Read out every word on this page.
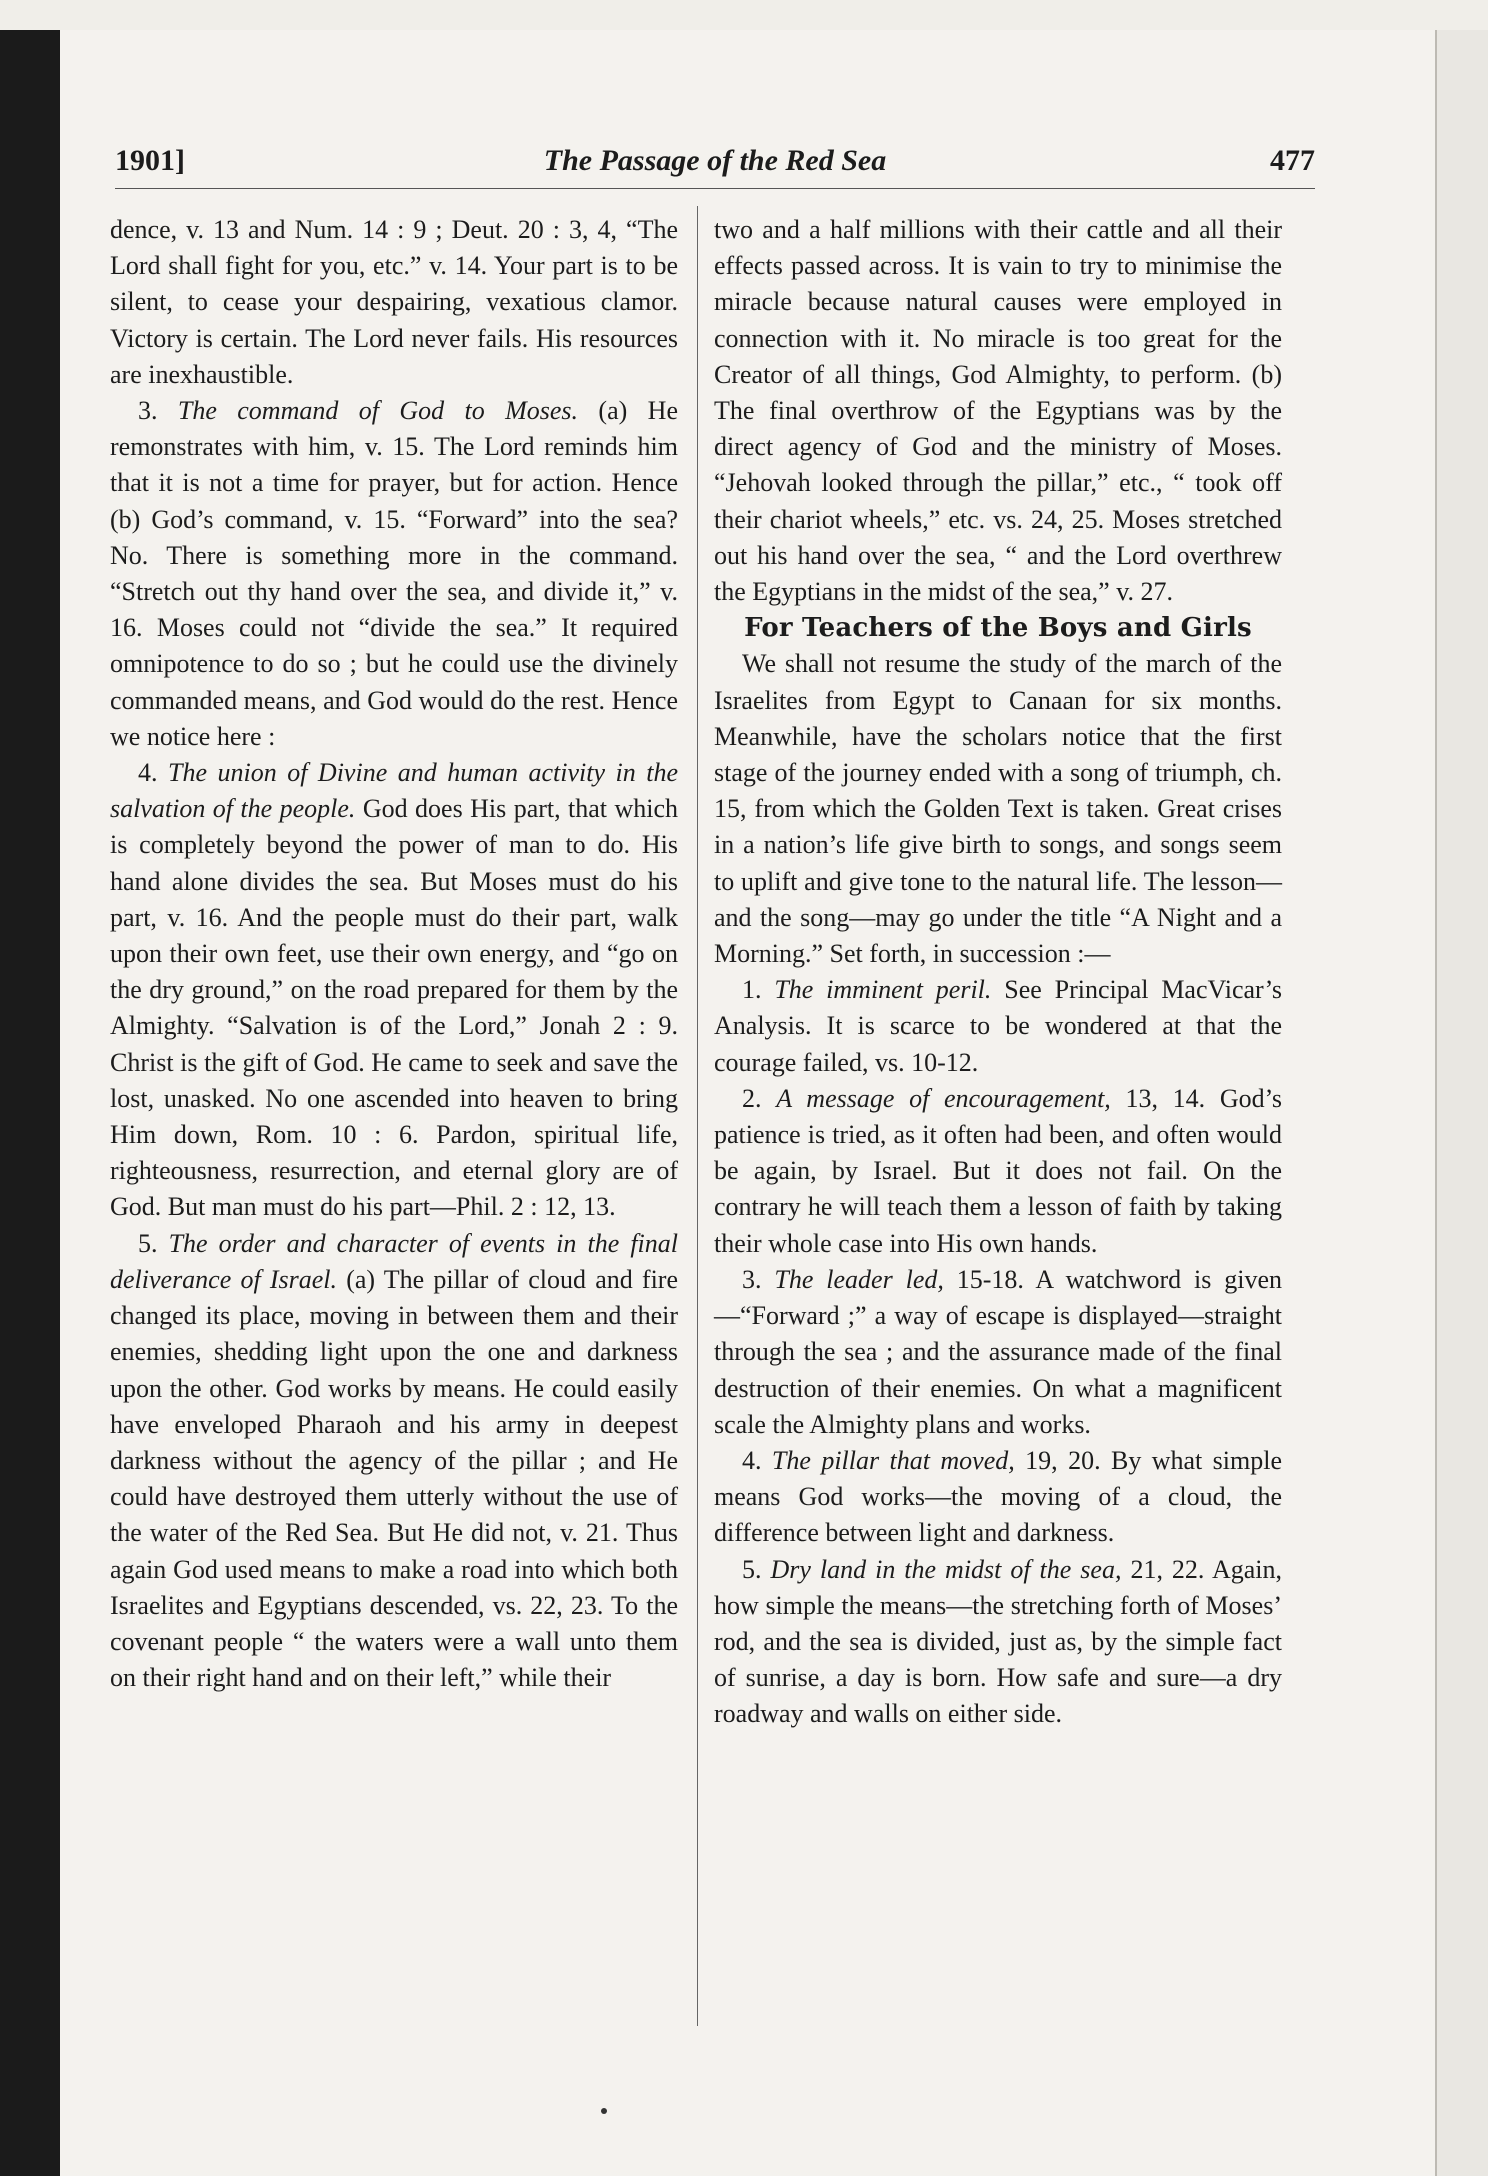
1901]	The Passage of the Red Sea	477

dence, v. 13 and Num. 14 : 9 ; Deut. 20 : 3, 4, “The Lord shall fight for you, etc.” v. 14. Your part is to be silent, to cease your despairing, vexatious clamor. Victory is certain. The Lord never fails. His resources are inexhaustible.

3. The command of God to Moses. (a) He remonstrates with him, v. 15. The Lord reminds him that it is not a time for prayer, but for action. Hence (b) God’s command, v. 15. “Forward” into the sea? No. There is something more in the command. “Stretch out thy hand over the sea, and divide it,” v. 16. Moses could not “divide the sea.” It required omnipotence to do so ; but he could use the divinely commanded means, and God would do the rest. Hence we notice here :

4. The union of Divine and human activity in the salvation of the people. God does His part, that which is completely beyond the power of man to do. His hand alone divides the sea. But Moses must do his part, v. 16. And the people must do their part, walk upon their own feet, use their own energy, and “go on the dry ground,” on the road prepared for them by the Almighty. “Salvation is of the Lord,” Jonah 2 : 9. Christ is the gift of God. He came to seek and save the lost, unasked. No one ascended into heaven to bring Him down, Rom. 10 : 6. Pardon, spiritual life, righteousness, resurrection, and eternal glory are of God. But man must do his part—Phil. 2 : 12, 13.

5. The order and character of events in the final deliverance of Israel. (a) The pillar of cloud and fire changed its place, moving in between them and their enemies, shedding light upon the one and darkness upon the other. God works by means. He could easily have enveloped Pharaoh and his army in deepest darkness without the agency of the pillar ; and He could have destroyed them utterly without the use of the water of the Red Sea. But He did not, v. 21. Thus again God used means to make a road into which both Israelites and Egyptians descended, vs. 22, 23. To the covenant people “ the waters were a wall unto them on their right hand and on their left,” while their

two and a half millions with their cattle and all their effects passed across. It is vain to try to minimise the miracle because natural causes were employed in connection with it. No miracle is too great for the Creator of all things, God Almighty, to perform. (b) The final overthrow of the Egyptians was by the direct agency of God and the ministry of Moses. “Jehovah looked through the pillar,” etc., “ took off their chariot wheels,” etc. vs. 24, 25. Moses stretched out his hand over the sea, “ and the Lord overthrew the Egyptians in the midst of the sea,” v. 27.

For Teachers of the Boys and Girls

We shall not resume the study of the march of the Israelites from Egypt to Canaan for six months. Meanwhile, have the scholars notice that the first stage of the journey ended with a song of triumph, ch. 15, from which the Golden Text is taken. Great crises in a nation’s life give birth to songs, and songs seem to uplift and give tone to the natural life. The lesson—and the song—may go under the title “A Night and a Morning.” Set forth, in succession :—

1. The imminent peril. See Principal MacVicar’s Analysis. It is scarce to be wondered at that the courage failed, vs. 10-12.

2. A message of encouragement, 13, 14. God’s patience is tried, as it often had been, and often would be again, by Israel. But it does not fail. On the contrary he will teach them a lesson of faith by taking their whole case into His own hands.

3. The leader led, 15-18. A watchword is given—“Forward ;” a way of escape is displayed—straight through the sea ; and the assurance made of the final destruction of their enemies. On what a magnificent scale the Almighty plans and works.

4. The pillar that moved, 19, 20. By what simple means God works—the moving of a cloud, the difference between light and darkness.

5. Dry land in the midst of the sea, 21, 22. Again, how simple the means—the stretching forth of Moses’ rod, and the sea is divided, just as, by the simple fact of sunrise, a day is born. How safe and sure—a dry roadway and walls on either side.
